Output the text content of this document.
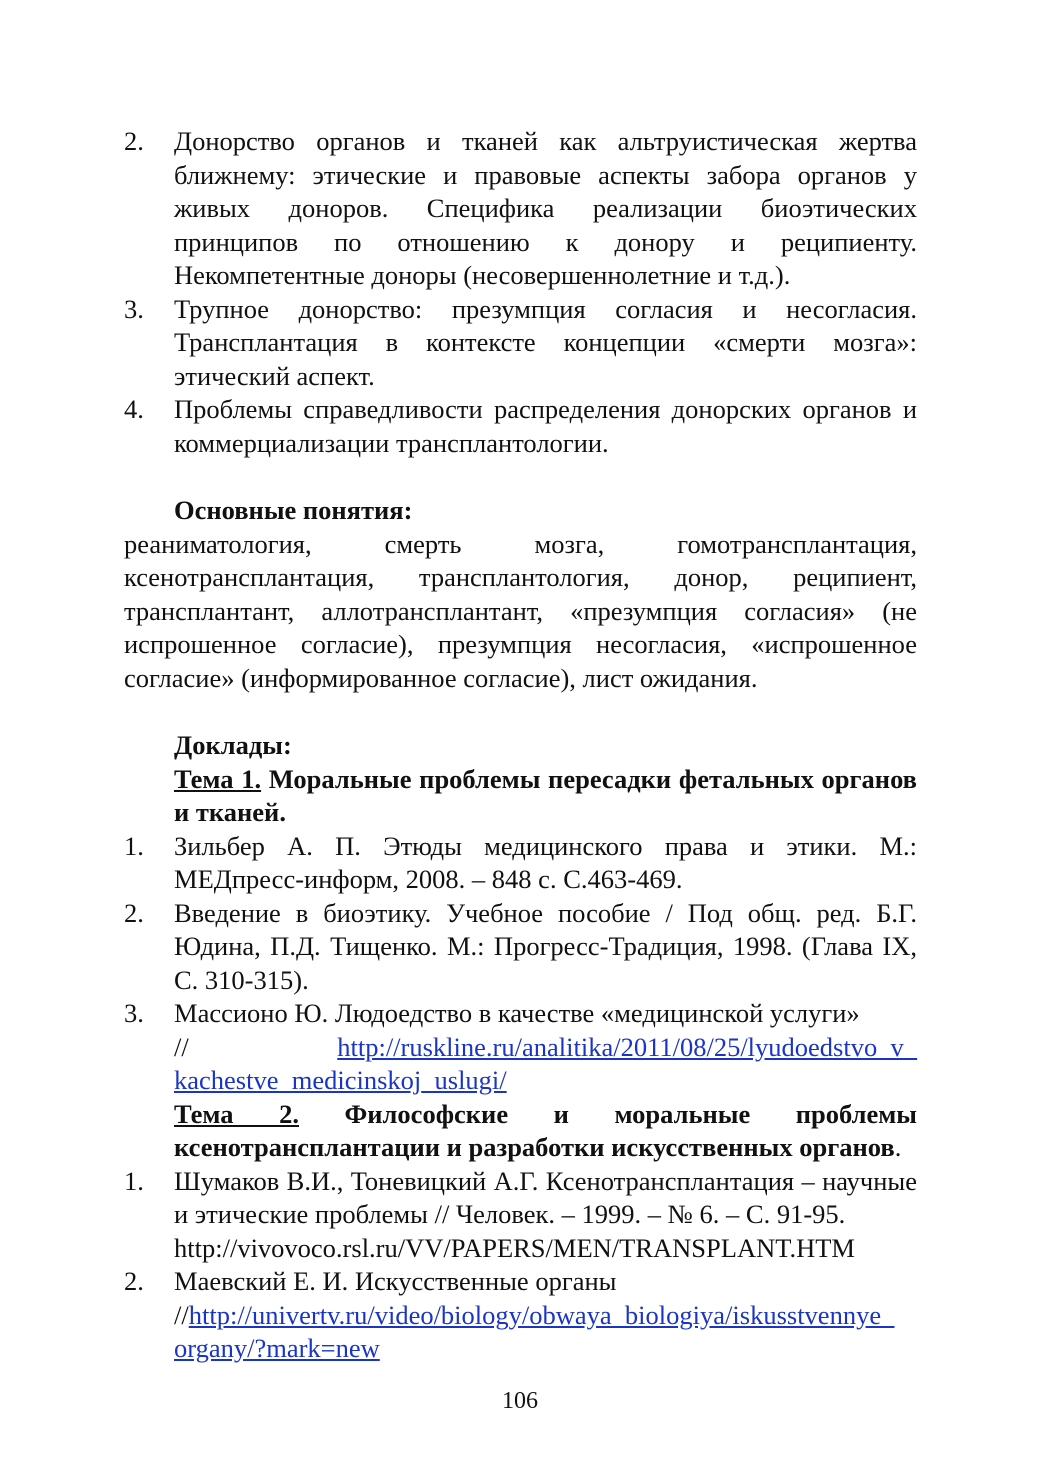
2. Донорство органов и тканей как альтруистическая жертва ближнему: этические и правовые аспекты забора органов у живых доноров. Специфика реализации биоэтических принципов по отношению к донору и реципиенту. Некомпетентные доноры (несовершеннолетние и т.д.).
3. Трупное донорство: презумпция согласия и несогласия. Трансплантация в контексте концепции «смерти мозга»: этический аспект.
4. Проблемы справедливости распределения донорских органов и коммерциализации трансплантологии.
Основные понятия:
реаниматология, смерть мозга, гомотрансплантация, ксенотрансплантация, трансплантология, донор, реципиент, трансплантант, аллотрансплантант, «презумпция согласия» (не испрошенное согласие), презумпция несогласия, «испрошенное согласие» (информированное согласие), лист ожидания.
Доклады:
Тема 1. Моральные проблемы пересадки фетальных органов и тканей.
1. Зильбер А. П. Этюды медицинского права и этики. М.: МЕДпресс-информ, 2008. – 848 с. С.463-469.
2. Введение в биоэтику. Учебное пособие / Под общ. ред. Б.Г. Юдина, П.Д. Тищенко. М.: Прогресс-Традиция, 1998. (Глава IX, С. 310-315).
3. Массионо Ю. Людоедство в качестве «медицинской услуги»
//	http://ruskline.ru/analitika/2011/08/25/lyudoedstvo_v_
kachestve_medicinskoj_uslugi/
Тема 2. Философские и моральные проблемы ксенотрансплантации и разработки искусственных органов.
1. Шумаков В.И., Тоневицкий А.Г. Ксенотрансплантация – научные и этические проблемы // Человек. – 1999. – № 6. – С. 91-95.
http://vivovoco.rsl.ru/VV/PAPERS/MEN/TRANSPLANT.HTM
2. Маевский Е. И. Искусственные органы
//http://univertv.ru/video/biology/obwaya_biologiya/iskusstvennye_
organy/?mark=new
106
